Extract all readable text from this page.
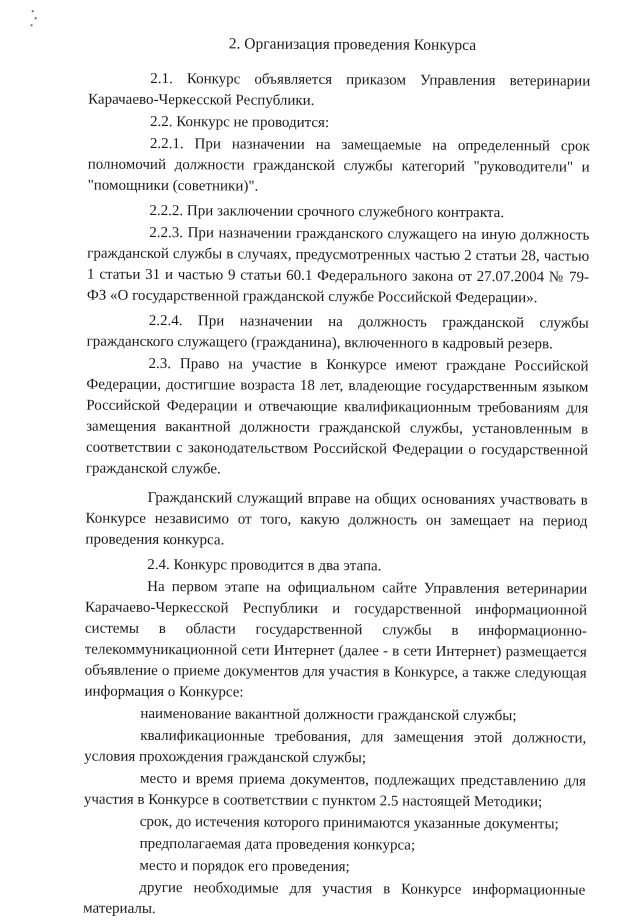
2. Организация проведения Конкурса

2.1. Конкурс объявляется приказом Управления ветеринарии Карачаево-Черкесской Республики.

2.2. Конкурс не проводится:

2.2.1. При назначении на замещаемые на определенный срок полномочий должности гражданской службы категорий "руководители" и "помощники (советники)".

2.2.2. При заключении срочного служебного контракта.

2.2.3. При назначении гражданского служащего на иную должность гражданской службы в случаях, предусмотренных частью 2 статьи 28, частью 1 статьи 31 и частью 9 статьи 60.1 Федерального закона от 27.07.2004 № 79-ФЗ «О государственной гражданской службе Российской Федерации».

2.2.4. При назначении на должность гражданской службы гражданского служащего (гражданина), включенного в кадровый резерв.

2.3. Право на участие в Конкурсе имеют граждане Российской Федерации, достигшие возраста 18 лет, владеющие государственным языком Российской Федерации и отвечающие квалификационным требованиям для замещения вакантной должности гражданской службы, установленным в соответствии с законодательством Российской Федерации о государственной гражданской службе.

Гражданский служащий вправе на общих основаниях участвовать в Конкурсе независимо от того, какую должность он замещает на период проведения конкурса.

2.4. Конкурс проводится в два этапа.

На первом этапе на официальном сайте Управления ветеринарии Карачаево-Черкесской Республики и государственной информационной системы в области государственной службы в информационно-телекоммуникационной сети Интернет (далее - в сети Интернет) размещается объявление о приеме документов для участия в Конкурсе, а также следующая информация о Конкурсе:

наименование вакантной должности гражданской службы;

квалификационные требования, для замещения этой должности, условия прохождения гражданской службы;

место и время приема документов, подлежащих представлению для участия в Конкурсе в соответствии с пунктом 2.5 настоящей Методики;

срок, до истечения которого принимаются указанные документы;

предполагаемая дата проведения конкурса;

место и порядок его проведения;

другие необходимые для участия в Конкурсе информационные материалы.
